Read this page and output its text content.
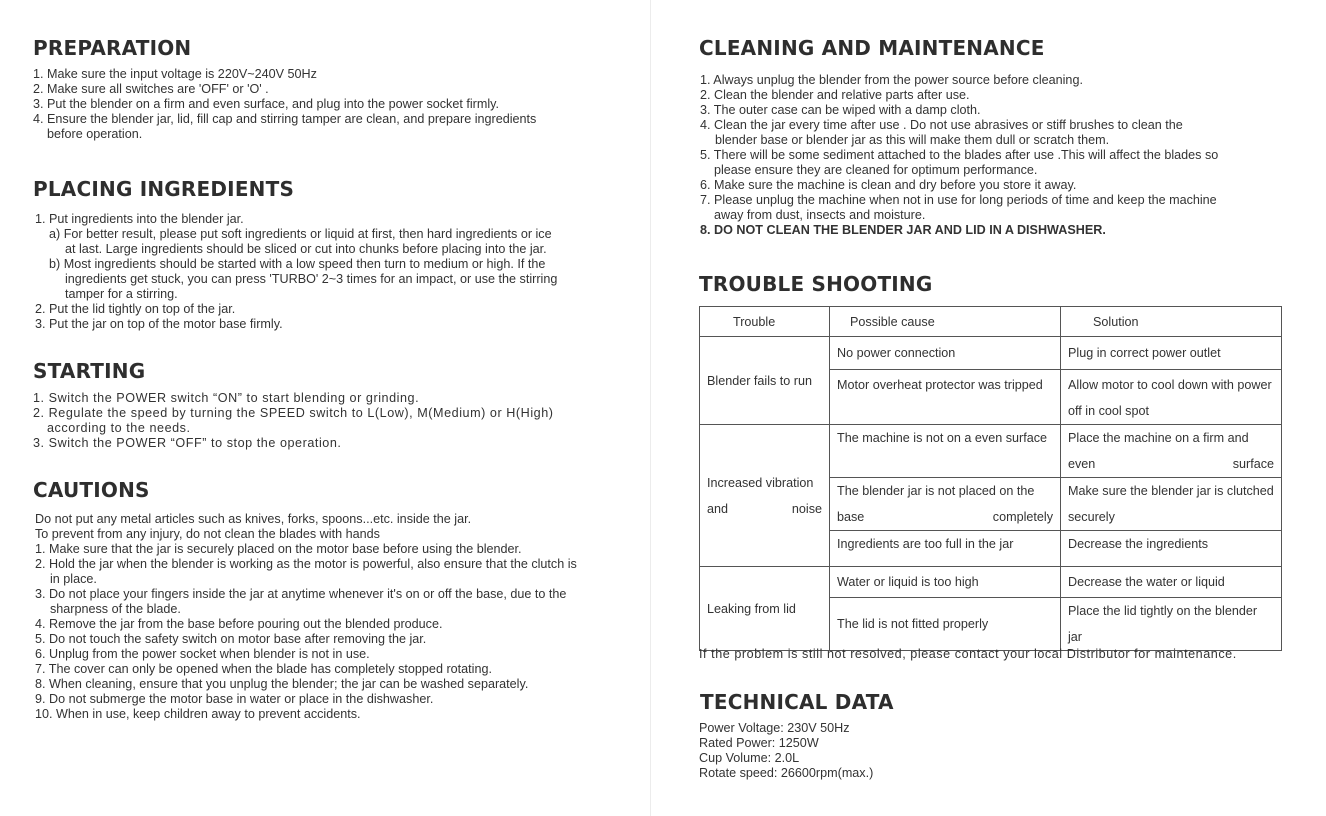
PREPARATION
1. Make sure the input voltage is 220V~240V 50Hz
2. Make sure all switches are 'OFF' or 'O' .
3. Put the blender on a firm and even surface, and plug into the power socket firmly.
4. Ensure the blender jar, lid, fill cap and stirring tamper are clean, and prepare ingredients
before operation.
PLACING INGREDIENTS
1. Put ingredients into the blender jar.
a) For better result, please put soft ingredients or liquid at first, then hard ingredients or ice
at last. Large ingredients should be sliced or cut into chunks before placing into the jar.
b) Most ingredients should be started with a low speed then turn to medium or high. If the
ingredients get stuck, you can press 'TURBO' 2~3 times for an impact, or use the stirring
tamper for a stirring.
2. Put the lid tightly on top of the jar.
3. Put the jar on top of the motor base firmly.
STARTING
1. Switch the POWER switch “ON” to start blending or grinding.
2. Regulate the speed by turning the SPEED switch to L(Low), M(Medium) or H(High)
according to the needs.
3. Switch the POWER “OFF” to stop the operation.
CAUTIONS
Do not put any metal articles such as knives, forks, spoons...etc. inside the jar.
To prevent from any injury, do not clean the blades with hands
1. Make sure that the jar is securely placed on the motor base before using the blender.
2. Hold the jar when the blender is working as the motor is powerful, also ensure that the clutch is
in place.
3. Do not place your fingers inside the jar at anytime whenever it's on or off the base, due to the
sharpness of the blade.
4. Remove the jar from the base before pouring out the blended produce.
5. Do not touch the safety switch on motor base after removing the jar.
6. Unplug from the power socket when blender is not in use.
7. The cover can only be opened when the blade has completely stopped rotating.
8. When cleaning, ensure that you unplug the blender; the jar can be washed separately.
9. Do not submerge the motor base in water or place in the dishwasher.
10. When in use, keep children away to prevent accidents.
CLEANING AND MAINTENANCE
1. Always unplug the blender from the power source before cleaning.
2. Clean the blender and relative parts after use.
3. The outer case can be wiped with a damp cloth.
4. Clean the jar every time after use . Do not use abrasives or stiff brushes to clean the
blender base or blender jar as this will make them dull or scratch them.
5. There will be some sediment attached to the blades after use .This will affect the blades so
please ensure they are cleaned for optimum performance.
6. Make sure the machine is clean and dry before you store it away.
7. Please unplug the machine when not in use for long periods of time and keep the machine
away from dust, insects and moisture.
8. DO NOT CLEAN THE BLENDER JAR AND LID IN A DISHWASHER.
TROUBLE SHOOTING
Trouble	Possible cause	Solution
Blender fails to run	No power connection	Plug in correct power outlet
	Motor overheat protector was tripped	Allow motor to cool down with power off in cool spot
Increased vibration and noise	The machine is not on a even surface	Place the machine on a firm and even surface
	The blender jar is not placed on the base completely	Make sure the blender jar is clutched securely
	Ingredients are too full in the jar	Decrease the ingredients
Leaking from lid	Water or liquid is too high	Decrease the water or liquid
	The lid is not fitted properly	Place the lid tightly on the blender jar
If the problem is still not resolved, please contact your local Distributor for maintenance.
TECHNICAL DATA
Power Voltage: 230V 50Hz
Rated Power: 1250W
Cup Volume: 2.0L
Rotate speed: 26600rpm(max.)
